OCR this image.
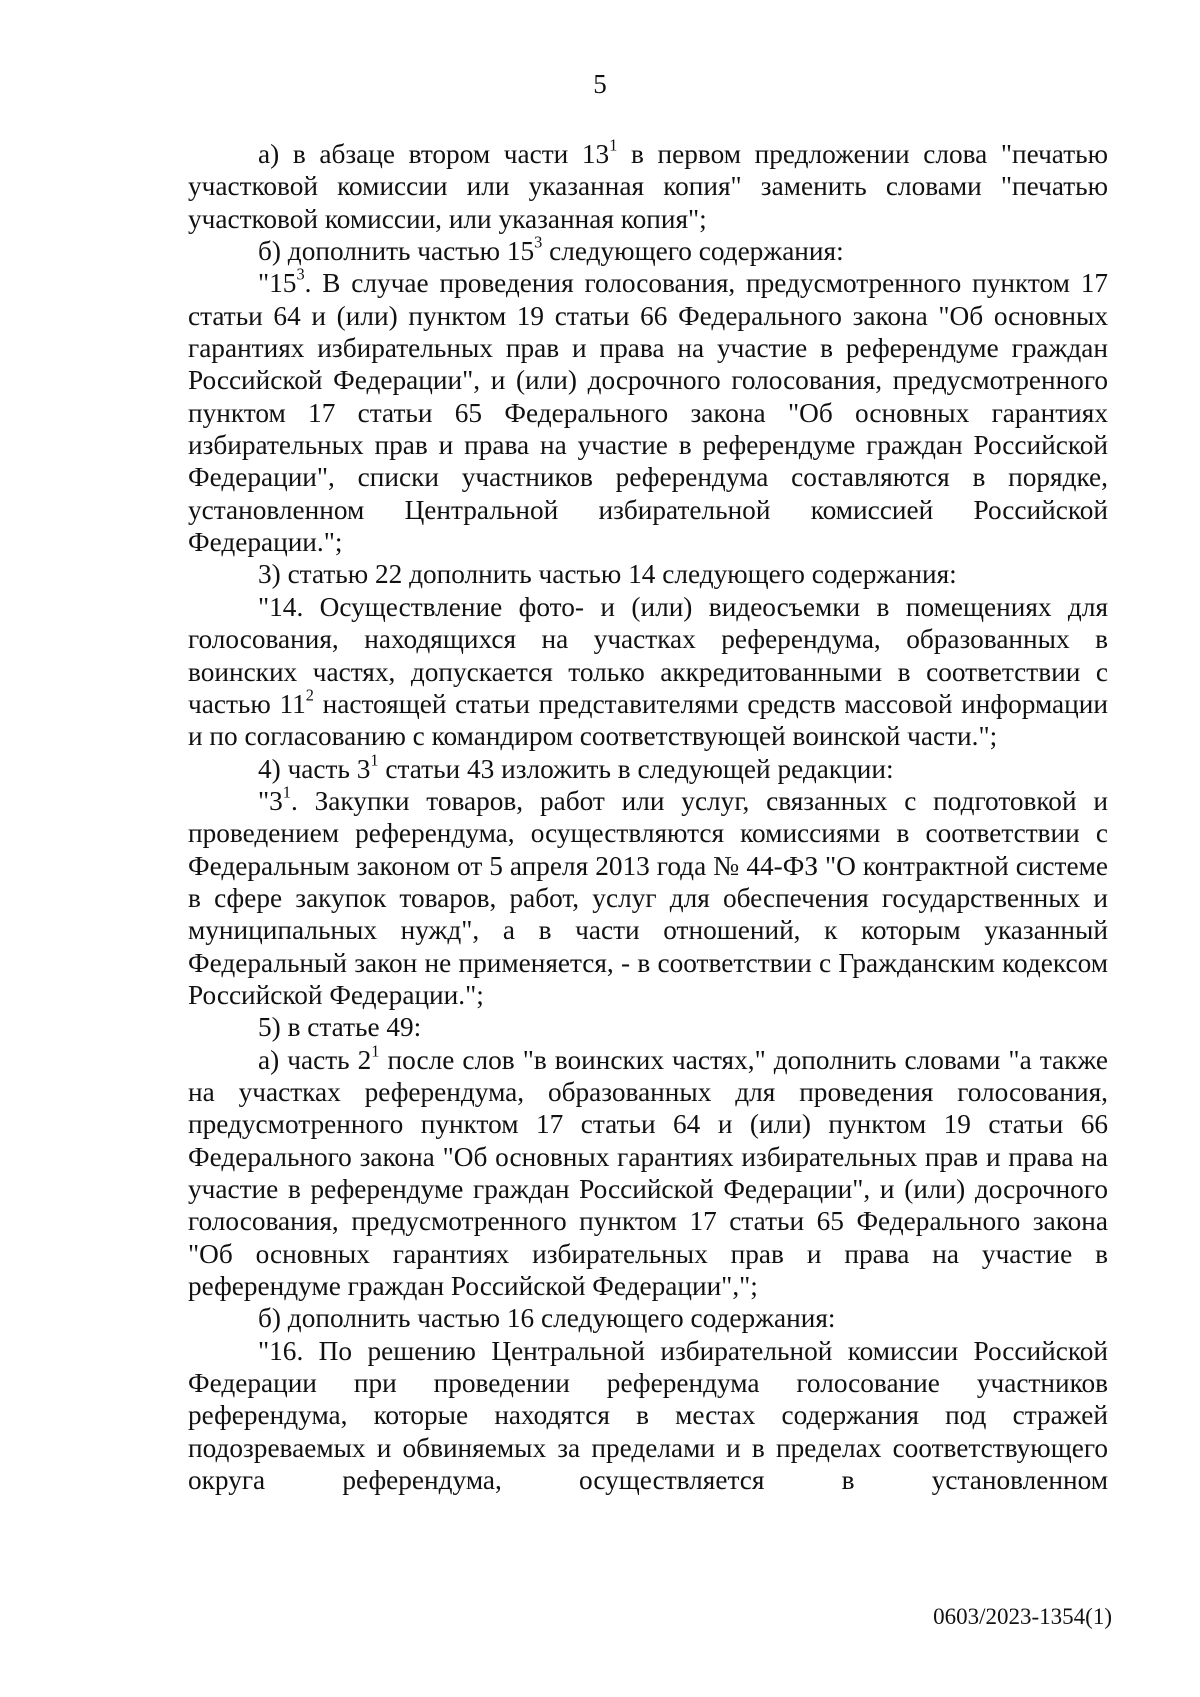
5

а) в абзаце втором части $13^1$ в первом предложении слова "печатью участковой комиссии или указанная копия" заменить словами "печатью участковой комиссии, или указанная копия";

б) дополнить частью $15^3$ следующего содержания:

"$15^3$. В случае проведения голосования, предусмотренного пунктом 17 статьи 64 и (или) пунктом 19 статьи 66 Федерального закона "Об основных гарантиях избирательных прав и права на участие в референдуме граждан Российской Федерации", и (или) досрочного голосования, предусмотренного пунктом 17 статьи 65 Федерального закона "Об основных гарантиях избирательных прав и права на участие в референдуме граждан Российской Федерации", списки участников референдума составляются в порядке, установленном Центральной избирательной комиссией Российской Федерации.";

3) статью 22 дополнить частью 14 следующего содержания:

"14. Осуществление фото- и (или) видеосъемки в помещениях для голосования, находящихся на участках референдума, образованных в воинских частях, допускается только аккредитованными в соответствии с частью $11^2$ настоящей статьи представителями средств массовой информации и по согласованию с командиром соответствующей воинской части.";

4) часть $3^1$ статьи 43 изложить в следующей редакции:

"$3^1$. Закупки товаров, работ или услуг, связанных с подготовкой и проведением референдума, осуществляются комиссиями в соответствии с Федеральным законом от 5 апреля 2013 года № 44-ФЗ "О контрактной системе в сфере закупок товаров, работ, услуг для обеспечения государственных и муниципальных нужд", а в части отношений, к которым указанный Федеральный закон не применяется, - в соответствии с Гражданским кодексом Российской Федерации.";

5) в статье 49:

а) часть $2^1$ после слов "в воинских частях," дополнить словами "а также на участках референдума, образованных для проведения голосования, предусмотренного пунктом 17 статьи 64 и (или) пунктом 19 статьи 66 Федерального закона "Об основных гарантиях избирательных прав и права на участие в референдуме граждан Российской Федерации", и (или) досрочного голосования, предусмотренного пунктом 17 статьи 65 Федерального закона "Об основных гарантиях избирательных прав и права на участие в референдуме граждан Российской Федерации",";

б) дополнить частью 16 следующего содержания:

"16. По решению Центральной избирательной комиссии Российской Федерации при проведении референдума голосование участников референдума, которые находятся в местах содержания под стражей подозреваемых и обвиняемых за пределами и в пределах соответствующего округа референдума, осуществляется в установленном

0603/2023-1354(1)
